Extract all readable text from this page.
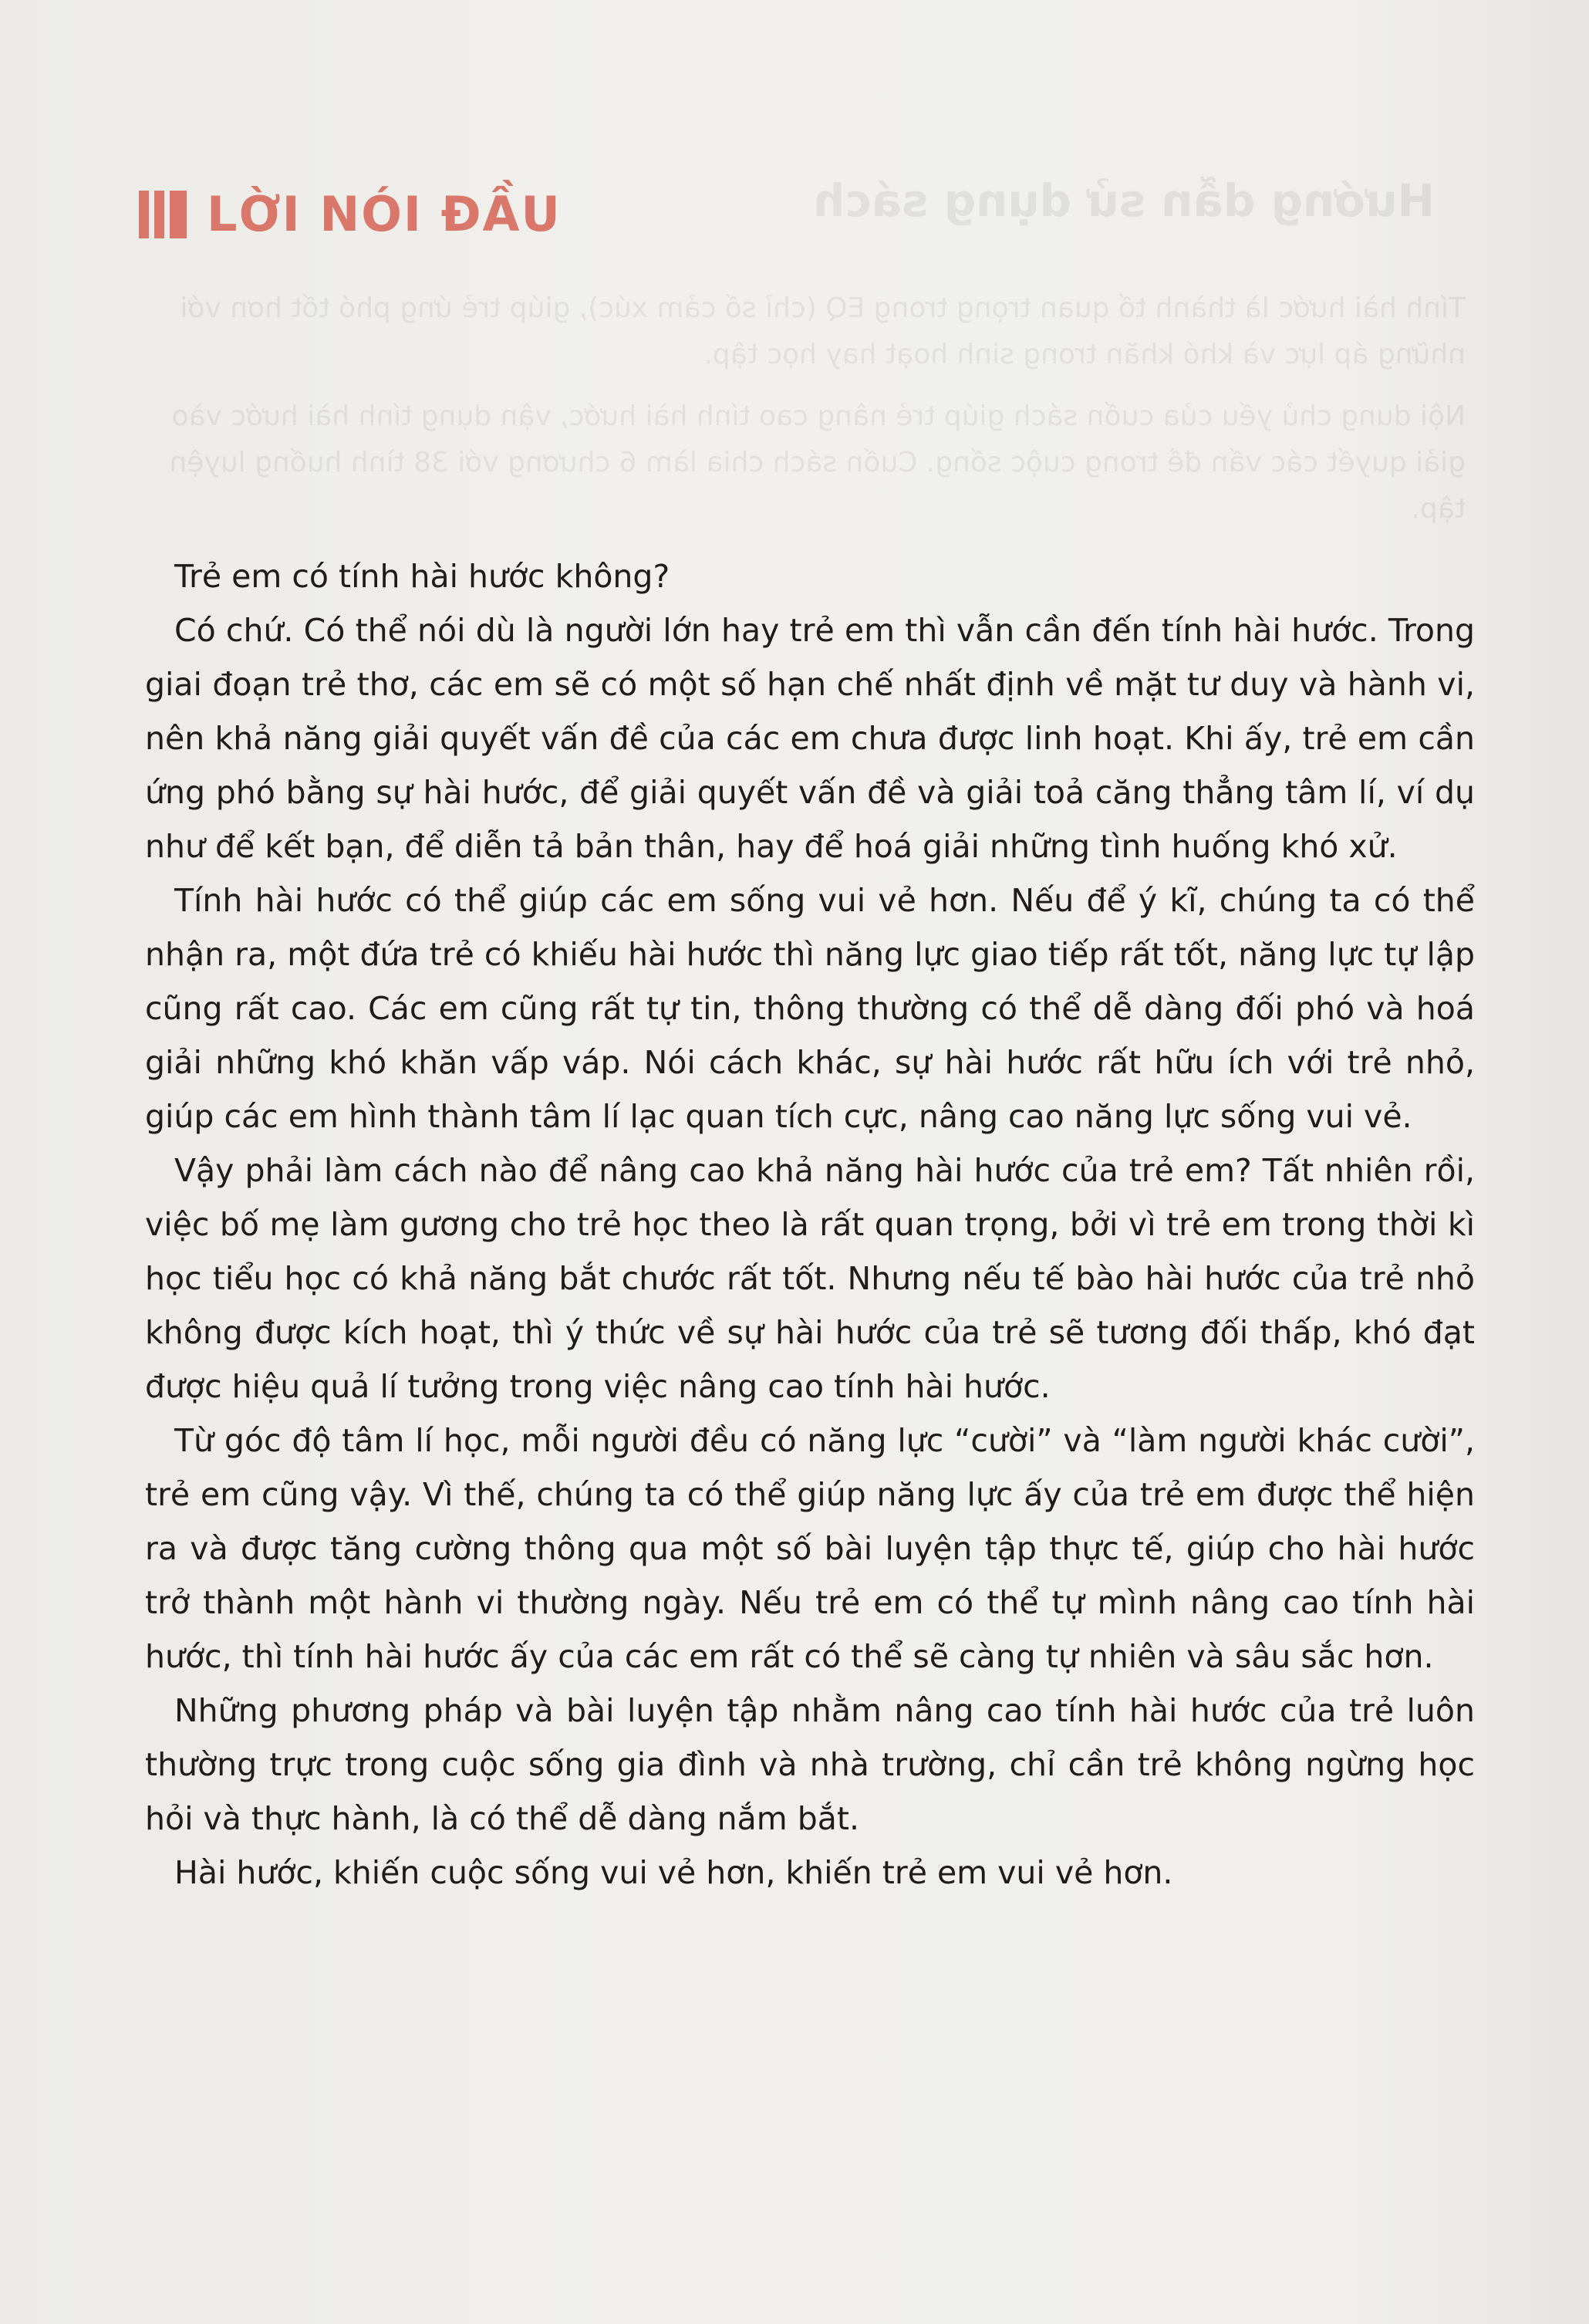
Hướng dẫn sử dụng sách

Tính hài hước là thành tố quan trọng trong EQ (chỉ số cảm xúc), giúp trẻ ứng phó tốt hơn với những áp lực và khó khăn trong sinh hoạt hay học tập.

Nội dung chủ yếu của cuốn sách giúp trẻ nâng cao tính hài hước, vận dụng tính hài hước vào giải quyết các vấn đề trong cuộc sống. Cuốn sách chia làm 6 chương với 38 tình huống luyện tập.

LỜI NÓI ĐẦU

Trẻ em có tính hài hước không?

Có chứ. Có thể nói dù là người lớn hay trẻ em thì vẫn cần đến tính hài hước. Trong giai đoạn trẻ thơ, các em sẽ có một số hạn chế nhất định về mặt tư duy và hành vi, nên khả năng giải quyết vấn đề của các em chưa được linh hoạt. Khi ấy, trẻ em cần ứng phó bằng sự hài hước, để giải quyết vấn đề và giải toả căng thẳng tâm lí, ví dụ như để kết bạn, để diễn tả bản thân, hay để hoá giải những tình huống khó xử.

Tính hài hước có thể giúp các em sống vui vẻ hơn. Nếu để ý kĩ, chúng ta có thể nhận ra, một đứa trẻ có khiếu hài hước thì năng lực giao tiếp rất tốt, năng lực tự lập cũng rất cao. Các em cũng rất tự tin, thông thường có thể dễ dàng đối phó và hoá giải những khó khăn vấp váp. Nói cách khác, sự hài hước rất hữu ích với trẻ nhỏ, giúp các em hình thành tâm lí lạc quan tích cực, nâng cao năng lực sống vui vẻ.

Vậy phải làm cách nào để nâng cao khả năng hài hước của trẻ em? Tất nhiên rồi, việc bố mẹ làm gương cho trẻ học theo là rất quan trọng, bởi vì trẻ em trong thời kì học tiểu học có khả năng bắt chước rất tốt. Nhưng nếu tế bào hài hước của trẻ nhỏ không được kích hoạt, thì ý thức về sự hài hước của trẻ sẽ tương đối thấp, khó đạt được hiệu quả lí tưởng trong việc nâng cao tính hài hước.

Từ góc độ tâm lí học, mỗi người đều có năng lực “cười” và “làm người khác cười”, trẻ em cũng vậy. Vì thế, chúng ta có thể giúp năng lực ấy của trẻ em được thể hiện ra và được tăng cường thông qua một số bài luyện tập thực tế, giúp cho hài hước trở thành một hành vi thường ngày. Nếu trẻ em có thể tự mình nâng cao tính hài hước, thì tính hài hước ấy của các em rất có thể sẽ càng tự nhiên và sâu sắc hơn.

Những phương pháp và bài luyện tập nhằm nâng cao tính hài hước của trẻ luôn thường trực trong cuộc sống gia đình và nhà trường, chỉ cần trẻ không ngừng học hỏi và thực hành, là có thể dễ dàng nắm bắt.

Hài hước, khiến cuộc sống vui vẻ hơn, khiến trẻ em vui vẻ hơn.
